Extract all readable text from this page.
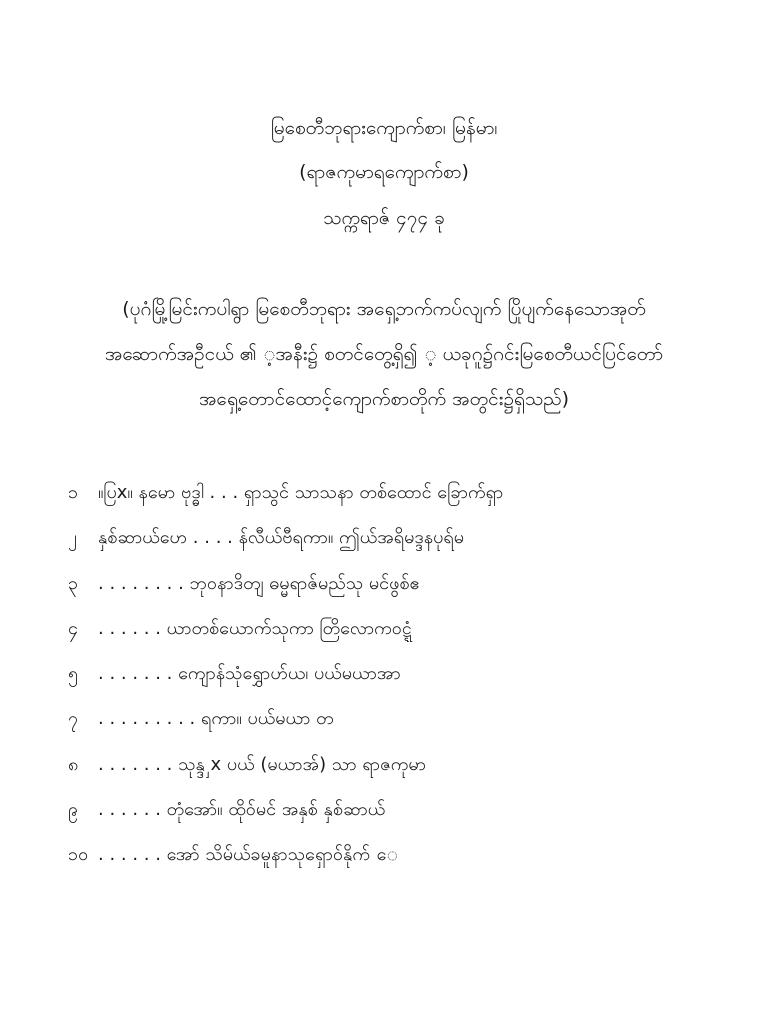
မြစေတီဘုရားကျောက်စာ၊ မြန်မာ၊
(ရာဇကုမာရကျောက်စာ)
သက္ကရာဇ် ၄၇၄ ခု
(ပုဂံမြို့မြင်းကပါရွာ မြစေတီဘုရား အရှေ့ဘက်ကပ်လျက် ပြိုပျက်နေသောအုတ်
အဆောက်အဦငယ် ၏ ့အနီး၌ စတင်တွေ့ရှိ၍ ့ ယခုဂူ၌ဂင်းမြစေတီယင်ပြင်တော်
အရှေ့တောင်ထောင့်ကျောက်စာတိုက် အတွင်း၌ရှိသည်)
၁	။ပြx။ နမော ဗုဒ္ဓါ . . . ရှာသွင် သာသနာ တစ်ထောင် ခြောက်ရှာ
၂	နှစ်ဆာယ်ဟေ . . . . န်လီယ်ဗီရကာ။ ဤယ်အရိမဒ္ဒနပုရ်မ
၃	. . . . . . . . ဘုဝနာဒိတျ ဓမ္မရာဇ်မည်သု မင်ဖွစ်ဧ
၄	. . . . . . ယာတစ်ယောက်သုကာ တြိလောကဝဋ္ဋံ
၅	. . . . . . . ကျောန်သုံရွှောဟ်ယ၊ ပယ်မယာအာ
၇	. . . . . . . . . ရကာ။ ပယ်မယာ တ
၈	. . . . . . . သုန္ဒှ x ပယ် (မယာအ်) သာ ရာဇကုမာ
၉	. . . . . . တုံအော်။ ထိုဝ်မင် အနှစ် နှစ်ဆာယ်
၁၀ . . . . . . အော် သိမ်ယ်ခမူနာသုရှောဝ်နိုက် ေ
